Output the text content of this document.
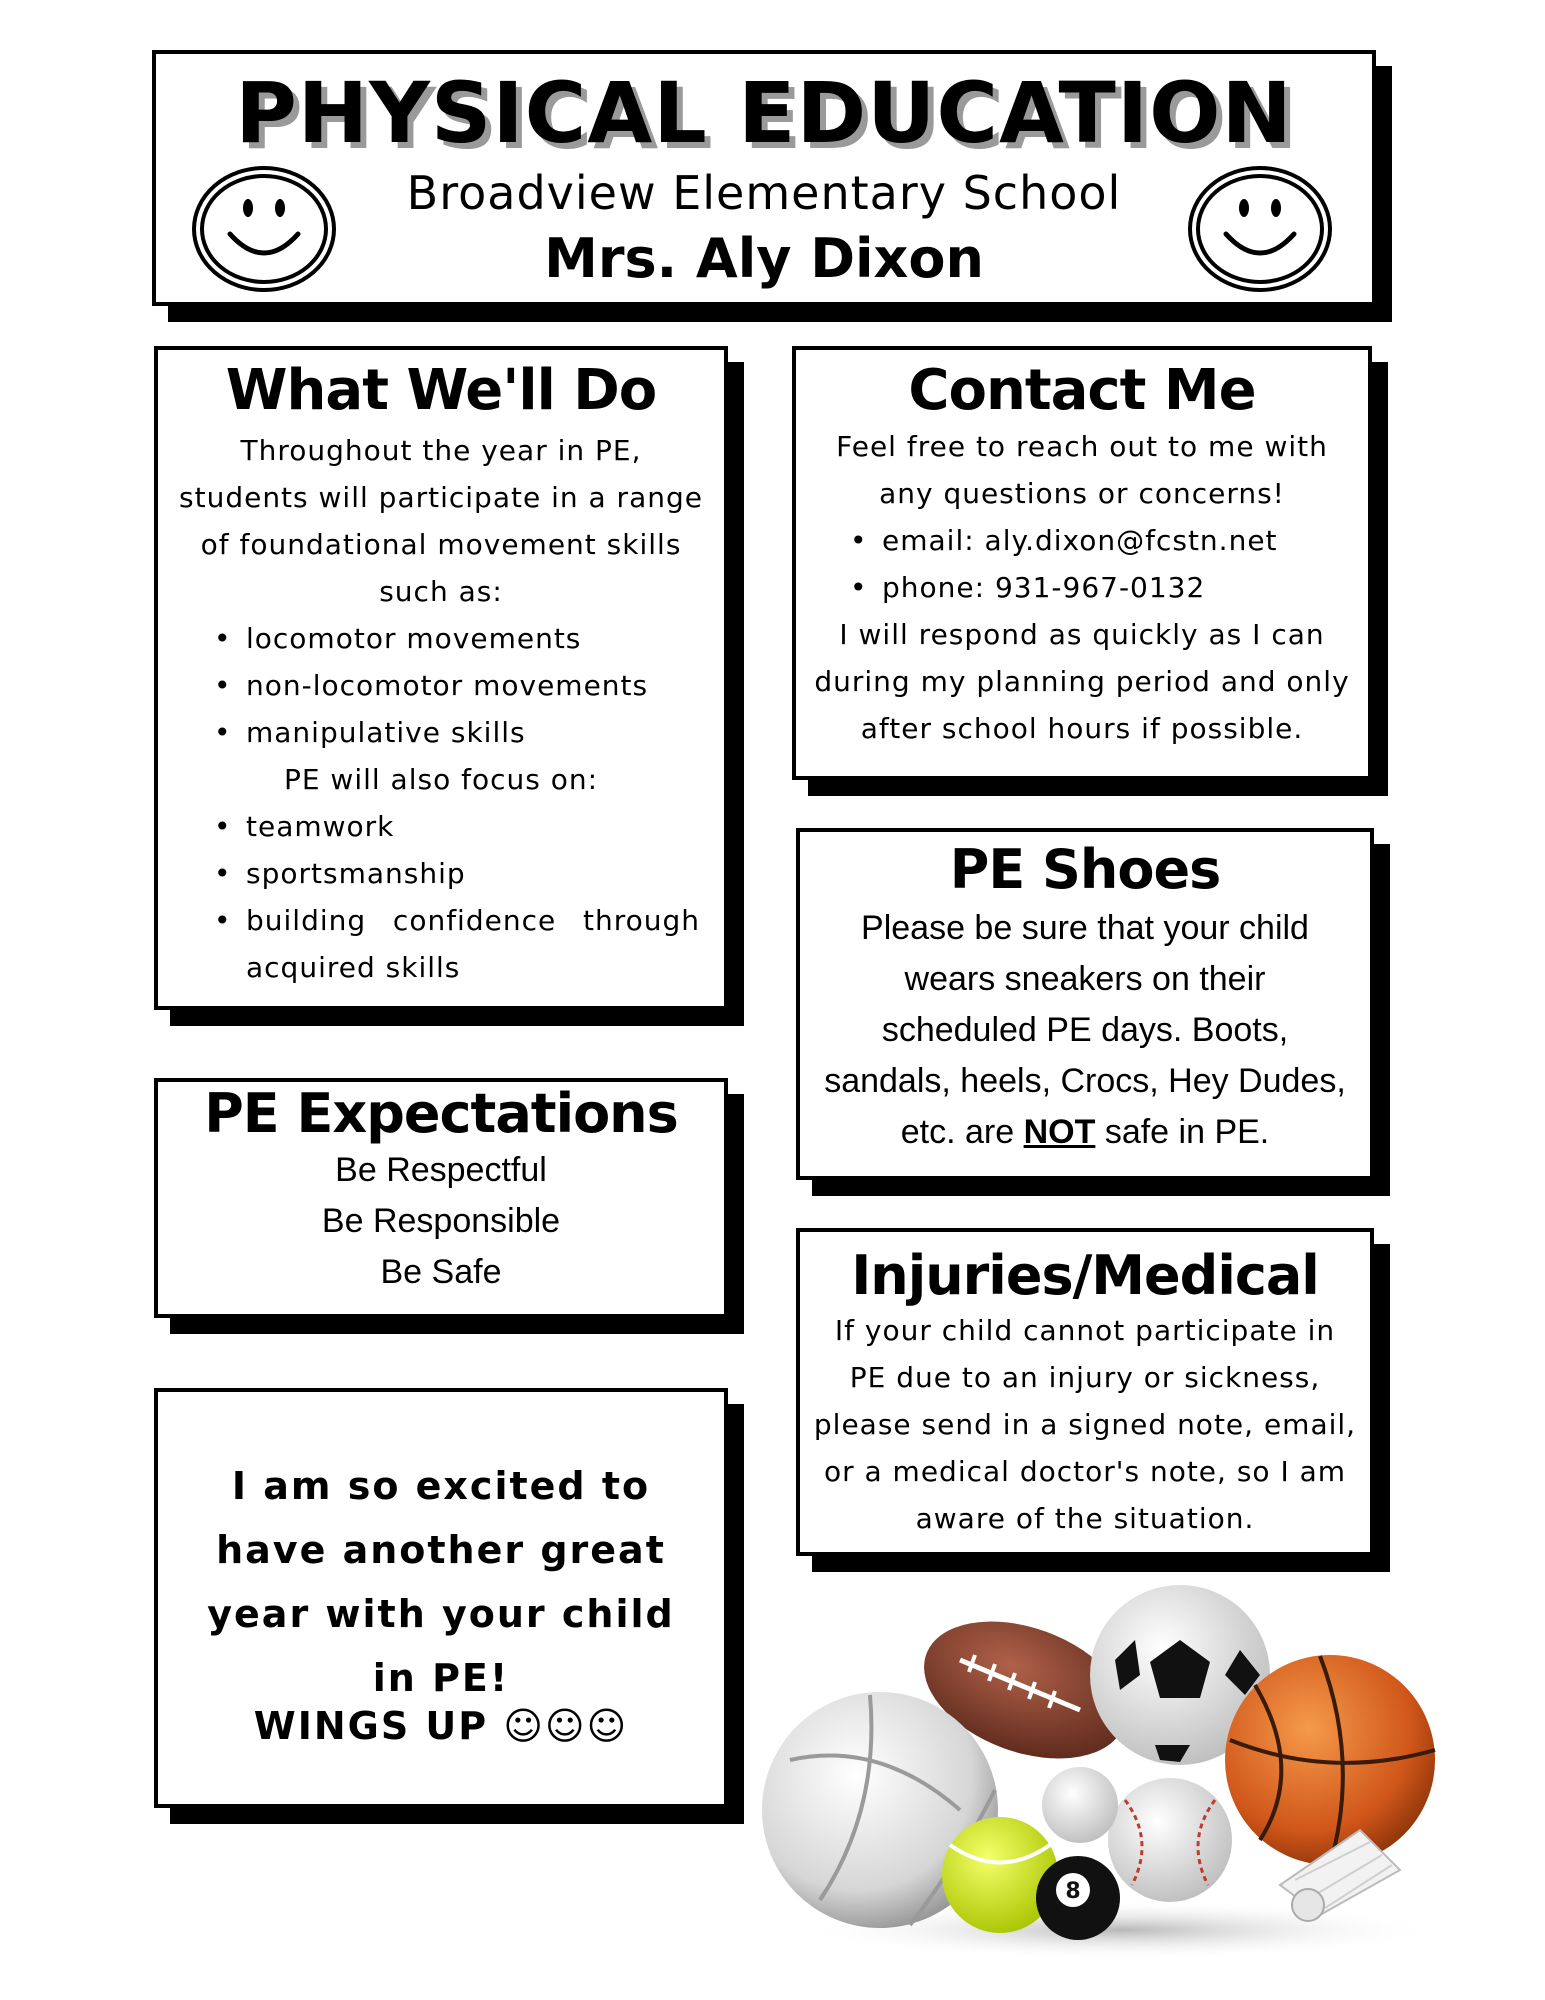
PHYSICAL EDUCATION
Broadview Elementary School
Mrs. Aly Dixon
What We'll Do

Throughout the year in PE, students will participate in a range of foundational movement skills such as:

• locomotor movements
• non-locomotor movements
• manipulative skills
PE will also focus on:
• teamwork
• sportsmanship
• building confidence through acquired skills
Contact Me

Feel free to reach out to me with any questions or concerns!

• email: aly.dixon@fcstn.net
• phone: 931-967-0132

I will respond as quickly as I can during my planning period and only after school hours if possible.

PE Shoes

Please be sure that your child wears sneakers on their scheduled PE days. Boots, sandals, heels, Crocs, Hey Dudes, etc. are NOT safe in PE.

PE Expectations

Be Respectful

Be Responsible

Be Safe	Injuries/Medical

If your child cannot participate in PE due to an injury or sickness, please send in a signed note, email, or a medical doctor's note, so I am aware of the situation.

I am so excited to have another great year with your child in PE!
WINGS UP ☺☺☺
8
